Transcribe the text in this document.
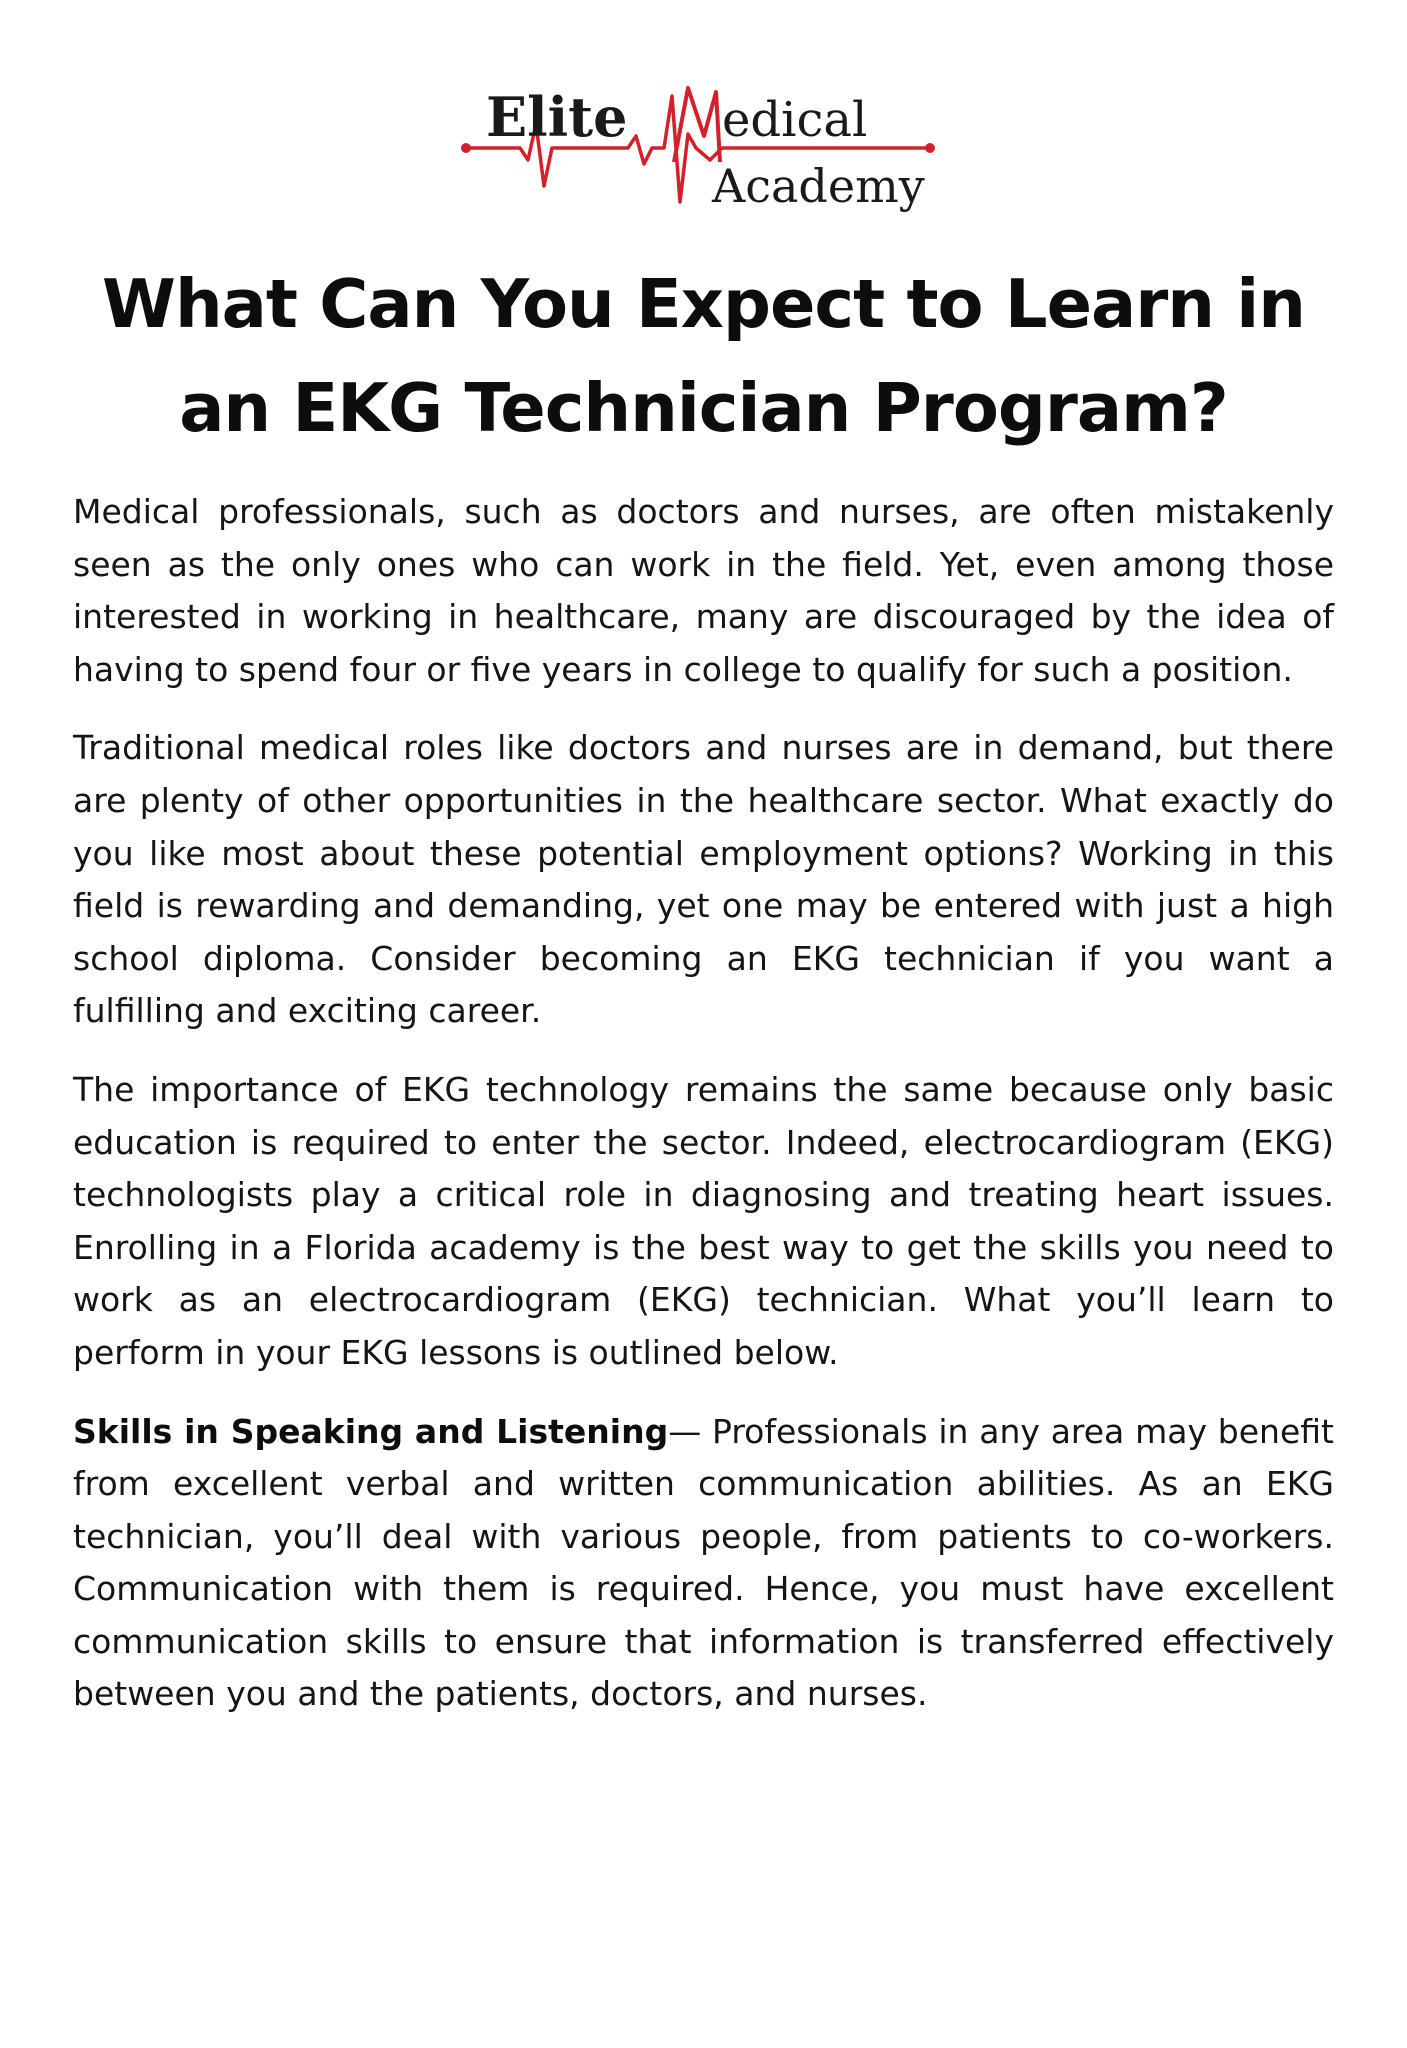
Elite edical
Academy
What Can You Expect to Learn in
an EKG Technician Program?

Medical professionals, such as doctors and nurses, are often mistakenly seen as the only ones who can work in the field. Yet, even among those interested in working in healthcare, many are discouraged by the idea of having to spend four or five years in college to qualify for such a position.

Traditional medical roles like doctors and nurses are in demand, but there are plenty of other opportunities in the healthcare sector. What exactly do you like most about these potential employment options? Working in this field is rewarding and demanding, yet one may be entered with just a high school diploma. Consider becoming an EKG technician if you want a fulfilling and exciting career.

The importance of EKG technology remains the same because only basic education is required to enter the sector. Indeed, electrocardiogram (EKG) technologists play a critical role in diagnosing and treating heart issues. Enrolling in a Florida academy is the best way to get the skills you need to work as an electrocardiogram (EKG) technician. What you’ll learn to perform in your EKG lessons is outlined below.

Skills in Speaking and Listening— Professionals in any area may benefit from excellent verbal and written communication abilities. As an EKG technician, you’ll deal with various people, from patients to co-workers. Communication with them is required. Hence, you must have excellent communication skills to ensure that information is transferred effectively between you and the patients, doctors, and nurses.
